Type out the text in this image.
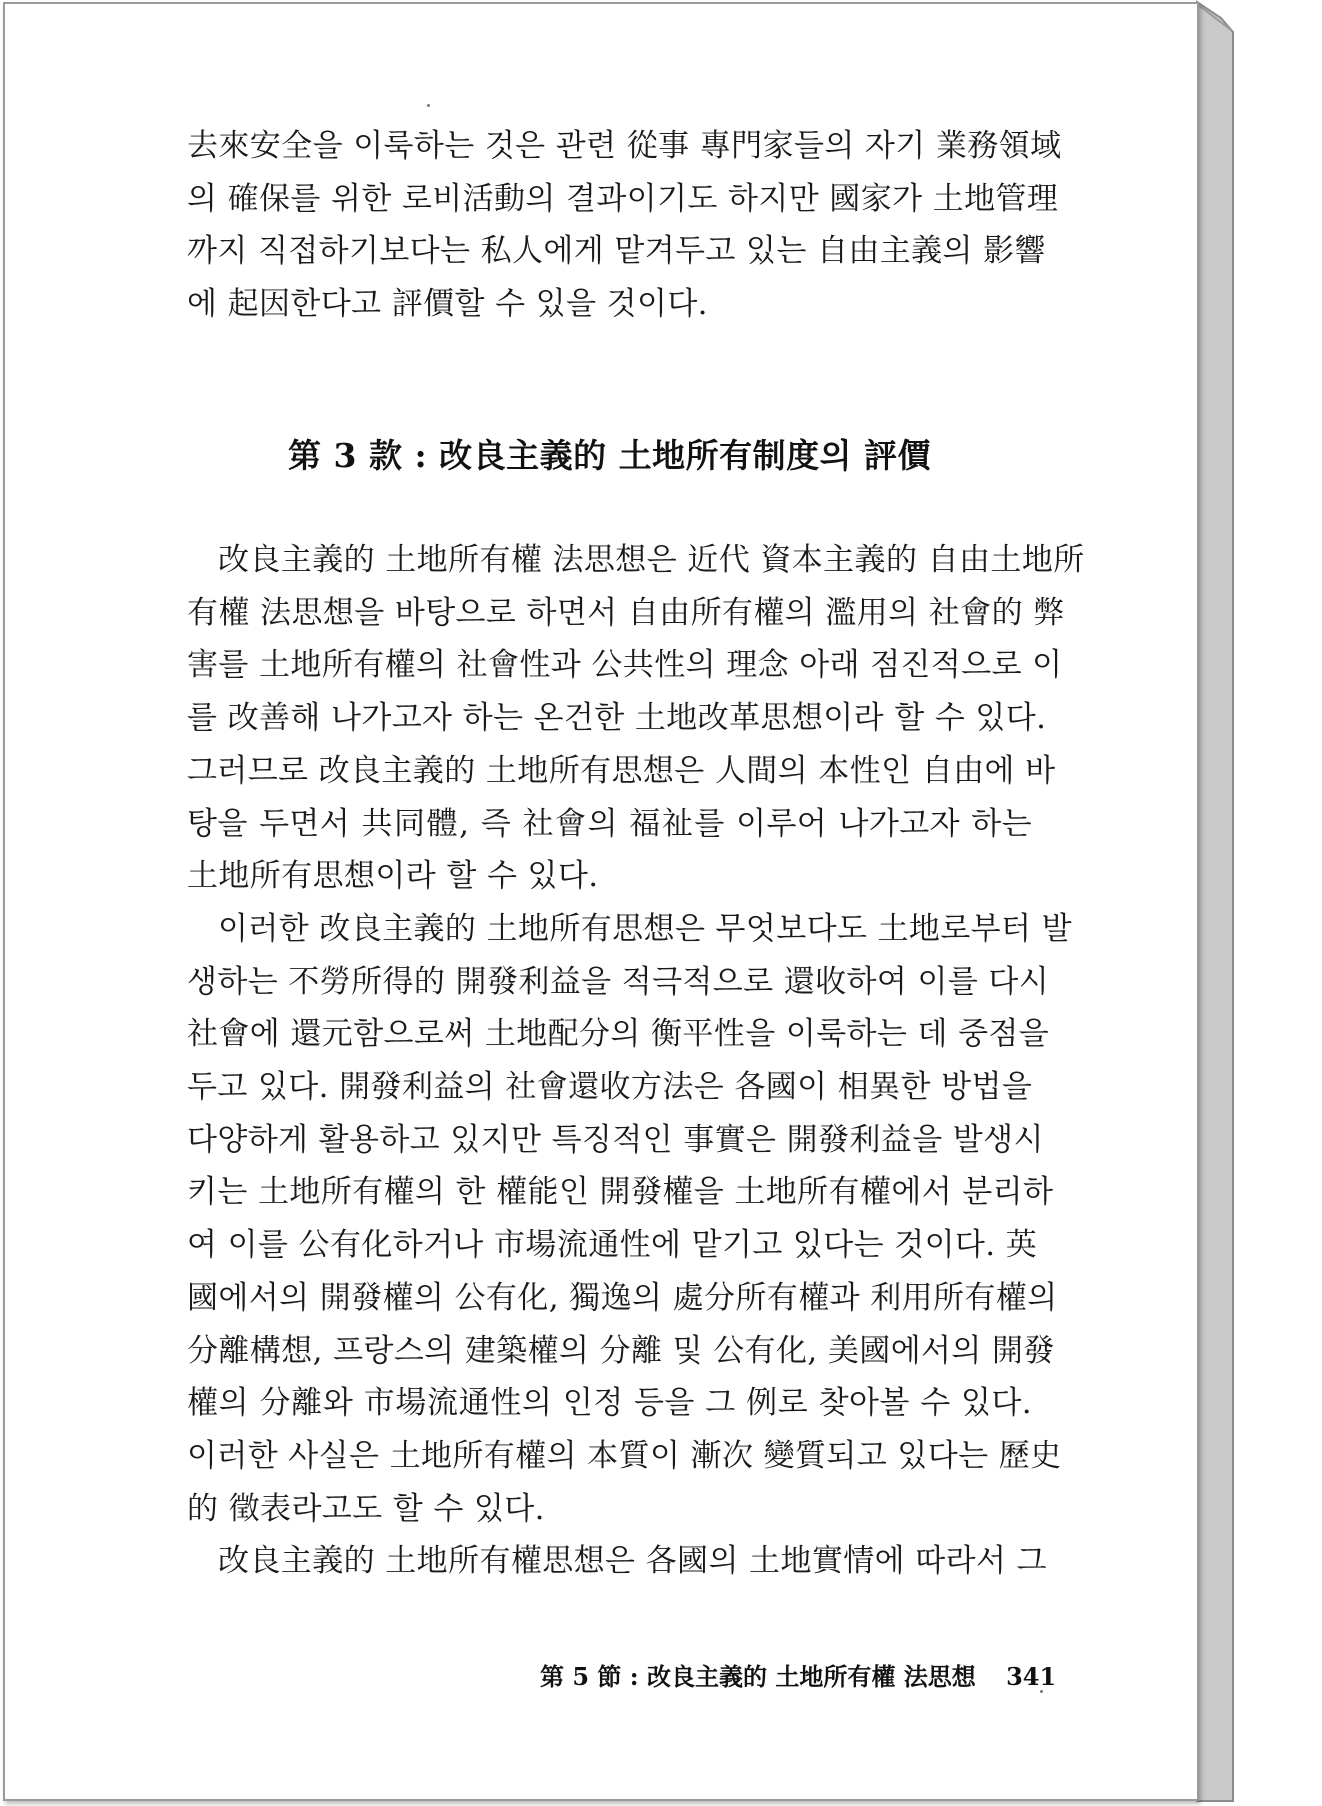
去來安全을 이룩하는 것은 관련 從事 專門家들의 자기 業務領域
의 確保를 위한 로비活動의 결과이기도 하지만 國家가 土地管理
까지 직접하기보다는 私人에게 맡겨두고 있는 自由主義의 影響
에 起因한다고 評價할 수 있을 것이다.
第 3 款 : 改良主義的 土地所有制度의 評價
改良主義的 土地所有權 法思想은 近代 資本主義的 自由土地所
有權 法思想을 바탕으로 하면서 自由所有權의 濫用의 社會的 弊
害를 土地所有權의 社會性과 公共性의 理念 아래 점진적으로 이
를 改善해 나가고자 하는 온건한 土地改革思想이라 할 수 있다.
그러므로 改良主義的 土地所有思想은 人間의 本性인 自由에 바
탕을 두면서 共同體, 즉 社會의 福祉를 이루어 나가고자 하는
土地所有思想이라 할 수 있다.
이러한 改良主義的 土地所有思想은 무엇보다도 土地로부터 발
생하는 不勞所得的 開發利益을 적극적으로 還收하여 이를 다시
社會에 還元함으로써 土地配分의 衡平性을 이룩하는 데 중점을
두고 있다. 開發利益의 社會還收方法은 各國이 相異한 방법을
다양하게 활용하고 있지만 특징적인 事實은 開發利益을 발생시
키는 土地所有權의 한 權能인 開發權을 土地所有權에서 분리하
여 이를 公有化하거나 市場流通性에 맡기고 있다는 것이다. 英
國에서의 開發權의 公有化, 獨逸의 處分所有權과 利用所有權의
分離構想, 프랑스의 建築權의 分離 및 公有化, 美國에서의 開發
權의 分離와 市場流通性의 인정 등을 그 例로 찾아볼 수 있다.
이러한 사실은 土地所有權의 本質이 漸次 變質되고 있다는 歷史
的 徵表라고도 할 수 있다.
改良主義的 土地所有權思想은 各國의 土地實情에 따라서 그
第 5 節 : 改良主義的 土地所有權 法思想 341
